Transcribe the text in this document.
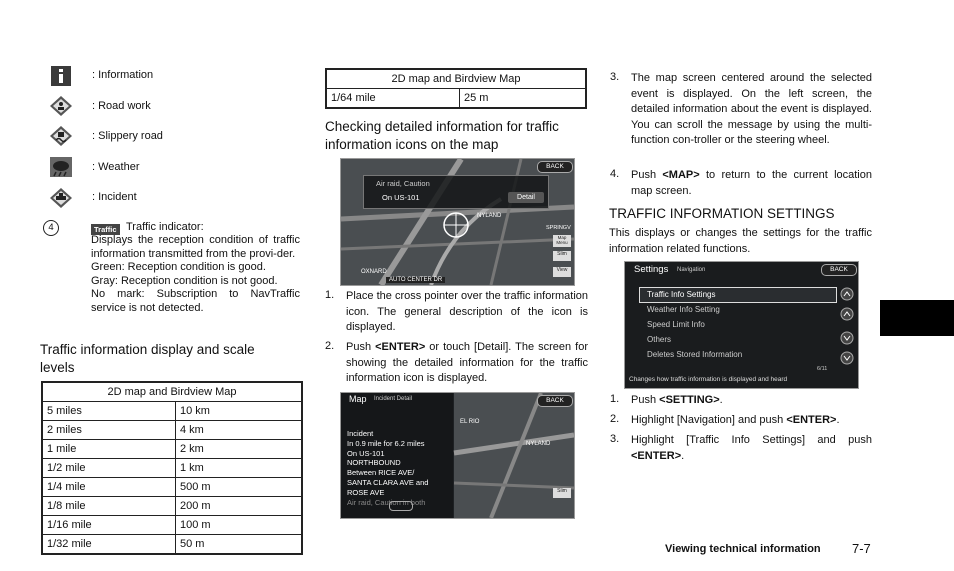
: Information
: Road work
: Slippery road
: Weather
: Incident
4	Traffic Traffic indicator:

Displays the reception condition of traffic information transmitted from the provi-der.

Green: Reception condition is good.

Gray: Reception condition is not good.

No mark: Subscription to NavTraffic service is not detected.

Traffic information display and scale levels
2D map and Birdview Map	
5 miles	10 km
2 miles	4 km
1 mile	2 km
1/2 mile	1 km
1/4 mile	500 m
1/8 mile	200 m
1/16 mile	100 m
1/32 mile	50 m
2D map and Birdview Map
1/64 mile	25 m
Checking detailed information for traffic information icons on the map
Air raid, Caution
On US-101	Detail
BACK
NYLAND
SPRINGV
OXNARD
AUTO CENTER DR
Map Menu
Slim
View
1. Place the cross pointer over the traffic information icon. The general description of the icon is displayed.

2. Push <ENTER> or touch [Detail]. The screen for showing the detailed information for the traffic information icon is displayed.

Map Incident Detail	BACK
Incident
In 0.9 mile for 6.2 miles
On US-101
NORTHBOUND
Between RICE AVE/
SANTA CLARA AVE and
ROSE AVE
Air raid, Caution in both
EL RIO
NYLAND
Slim
3. The map screen centered around the selected event is displayed. On the left screen, the detailed information about the event is displayed. You can scroll the message by using the multi-function con-troller or the steering wheel.

4. Push <MAP> to return to the current location map screen.

TRAFFIC INFORMATION SETTINGS

This displays or changes the settings for the traffic information related functions.

Settings Navigation	BACK
Traffic Info Settings
Weather Info Setting
Speed Limit Info
Others
Deletes Stored Information
6/11
Changes how traffic information is displayed and heard
1. Push <SETTING>.

2. Highlight [Navigation] and push <ENTER>.

3. Highlight [Traffic Info Settings] and push <ENTER>.

Viewing technical information 7-7
